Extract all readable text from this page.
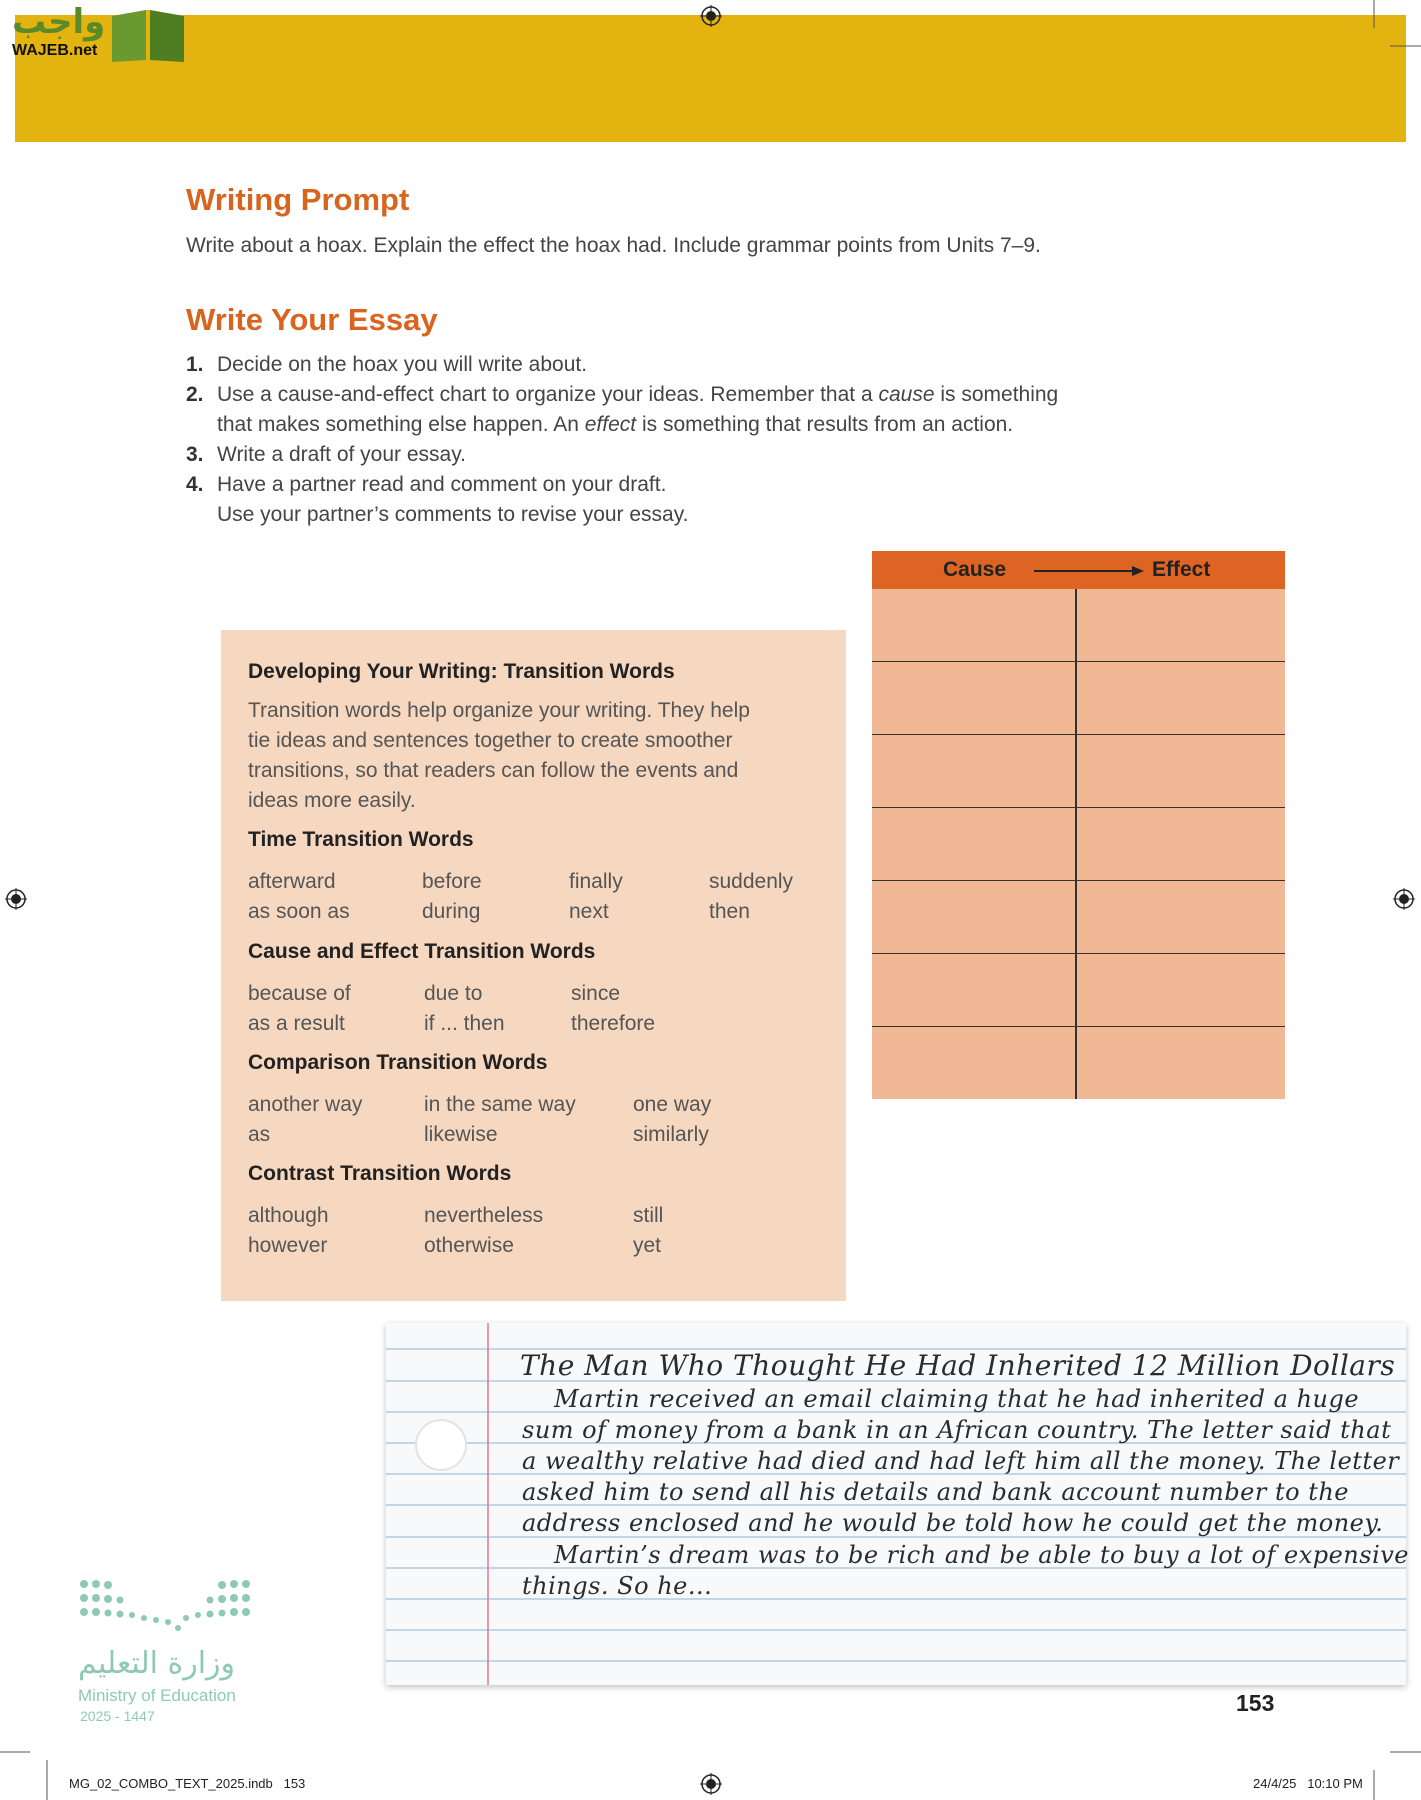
واجب
WAJEB.net
Writing Prompt
Write about a hoax. Explain the effect the hoax had. Include grammar points from Units 7–9.
Write Your Essay
1. Decide on the hoax you will write about.
2. Use a cause-and-effect chart to organize your ideas. Remember that a cause is something
that makes something else happen. An effect is something that results from an action.
3. Write a draft of your essay.
4. Have a partner read and comment on your draft.
Use your partner’s comments to revise your essay.
Cause	Effect
Developing Your Writing: Transition Words
Transition words help organize your writing. They help
tie ideas and sentences together to create smoother
transitions, so that readers can follow the events and
ideas more easily.
Time Transition Words
afterward	before	finally	suddenly
as soon as	during	next	then
Cause and Effect Transition Words
because of	due to	since
as a result	if ... then	therefore
Comparison Transition Words
another way	in the same way	one way
as	likewise	similarly
Contrast Transition Words
although	nevertheless	still
however	otherwise	yet
The Man Who Thought He Had Inherited 12 Million Dollars
Martin received an email claiming that he had inherited a huge
sum of money from a bank in an African country. The letter said that
a wealthy relative had died and had left him all the money. The letter
asked him to send all his details and bank account number to the
address enclosed and he would be told how he could get the money.
Martin’s dream was to be rich and be able to buy a lot of expensive
things. So he...
وزارة التعليم
Ministry of Education
2025 - 1447	153
MG_02_COMBO_TEXT_2025.indb   153	24/4/25   10:10 PM
